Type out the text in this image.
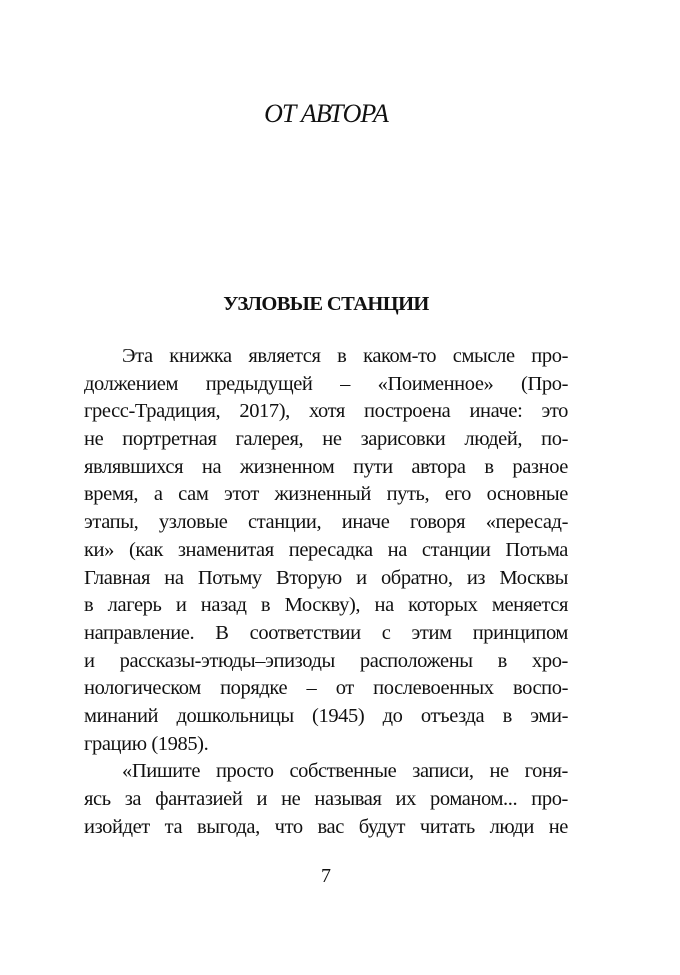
ОТ АВТОРА
УЗЛОВЫЕ СТАНЦИИ
Эта книжка является в каком-то смысле про-
должением предыдущей – «Поименное» (Про-
гресс-Традиция, 2017), хотя построена иначе: это
не портретная галерея, не зарисовки людей, по-
являвшихся на жизненном пути автора в разное
время, а сам этот жизненный путь, его основные
этапы, узловые станции, иначе говоря «пересад-
ки» (как знаменитая пересадка на станции Потьма
Главная на Потьму Вторую и обратно, из Москвы
в лагерь и назад в Москву), на которых меняется
направление. В соответствии с этим принципом
и рассказы-этюды–эпизоды расположены в хро-
нологическом порядке – от послевоенных воспо-
минаний дошкольницы (1945) до отъезда в эми-
грацию (1985).
«Пишите просто собственные записи, не гоня-
ясь за фантазией и не называя их романом... про-
изойдет та выгода, что вас будут читать люди не
7
